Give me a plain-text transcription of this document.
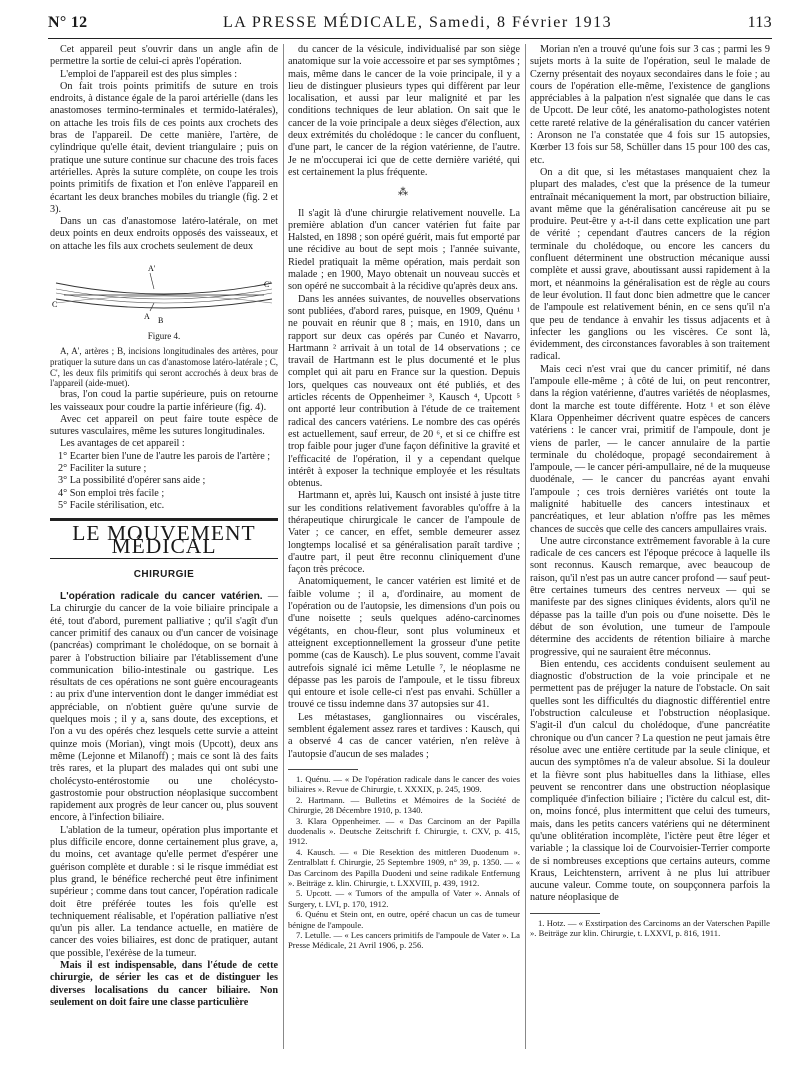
N° 12	LA PRESSE MÉDICALE, Samedi, 8 Février 1913	113

Cet appareil peut s'ouvrir dans un angle afin de permettre la sortie de celui-ci après l'opération.

L'emploi de l'appareil est des plus simples :

On fait trois points primitifs de suture en trois endroits, à distance égale de la paroi artérielle (dans les anastomoses termino-terminales et termido-latérales), on attache les trois fils de ces points aux crochets des bras de l'appareil. De cette manière, l'artère, de cylindrique qu'elle était, devient triangulaire ; puis on pratique une suture continue sur chacune des trois faces artérielles. Après la suture complète, on coupe les trois points primitifs de fixation et l'on enlève l'appareil en écartant les deux branches mobiles du triangle (fig. 2 et 3).

Dans un cas d'anastomose latéro-latérale, on met deux points en deux endroits opposés des vaisseaux, et on attache les fils aux crochets seulement de deux

A'
A B
C
C'
Figure 4.

A, A', artères ; B, incisions longitudinales des artères, pour pratiquer la suture dans un cas d'anastomose latéro-latérale ; C, C', les deux fils primitifs qui seront accrochés à deux bras de l'appareil (aide-muet).

bras, l'on coud la partie supérieure, puis on retourne les vaisseaux pour coudre la partie inférieure (fig. 4).

Avec cet appareil on peut faire toute espèce de sutures vasculaires, même les sutures longitudinales.

Les avantages de cet appareil :

1° Ecarter bien l'une de l'autre les parois de l'artère ;

2° Faciliter la suture ;

3° La possibilité d'opérer sans aide ;

4° Son emploi très facile ;

5° Facile stérilisation, etc.

LE MOUVEMENT MÉDICAL
CHIRURGIE

L'opération radicale du cancer vatérien. — La chirurgie du cancer de la voie biliaire principale a été, tout d'abord, purement palliative ; qu'il s'agît d'un cancer primitif des canaux ou d'un cancer de voisinage (pancréas) comprimant le cholédoque, on se bornait à parer à l'obstruction biliaire par l'établissement d'une communication bilio-intestinale ou gastrique. Les résultats de ces opérations ne sont guère encourageants : au prix d'une intervention dont le danger immédiat est appréciable, on n'obtient guère qu'une survie de quelques mois ; il y a, sans doute, des exceptions, et l'on a vu des opérés chez lesquels cette survie a atteint quinze mois (Morian), vingt mois (Upcott), deux ans même (Lejonne et Milanoff) ; mais ce sont là des faits très rares, et la plupart des malades qui ont subi une cholécysto-entérostomie ou une cholécysto-gastrostomie pour obstruction néoplasique succombent rapidement aux progrès de leur cancer ou, plus souvent encore, à l'infection biliaire.

L'ablation de la tumeur, opération plus importante et plus difficile encore, donne certainement plus grave, a, du moins, cet avantage qu'elle permet d'espérer une guérison complète et durable : si le risque immédiat est plus grand, le bénéfice recherché peut être infiniment supérieur ; comme dans tout cancer, l'opération radicale doit être préférée toutes les fois qu'elle est techniquement réalisable, et l'opération palliative n'est qu'un pis aller. La tendance actuelle, en matière de cancer des voies biliaires, est donc de pratiquer, autant que possible, l'exérèse de la tumeur.

Mais il est indispensable, dans l'étude de cette chirurgie, de sérier les cas et de distinguer les diverses localisations du cancer biliaire. Non seulement on doit faire une classe particulière

du cancer de la vésicule, individualisé par son siège anatomique sur la voie accessoire et par ses symptômes ; mais, même dans le cancer de la voie principale, il y a lieu de distinguer plusieurs types qui diffèrent par leur localisation, et aussi par leur malignité et par les conditions techniques de leur ablation. On sait que le cancer de la voie principale a deux sièges d'élection, aux deux extrémités du cholédoque : le cancer du confluent, d'une part, le cancer de la région vatérienne, de l'autre. Je ne m'occuperai ici que de cette dernière variété, qui est certainement la plus fréquente.

⁂

Il s'agit là d'une chirurgie relativement nouvelle. La première ablation d'un cancer vatérien fut faite par Halsted, en 1898 ; son opéré guérit, mais fut emporté par une récidive au bout de sept mois ; l'année suivante, Riedel pratiquait la même opération, mais perdait son malade ; en 1900, Mayo obtenait un nouveau succès et son opéré ne succombait à la récidive qu'après deux ans.

Dans les années suivantes, de nouvelles observations sont publiées, d'abord rares, puisque, en 1909, Quénu ¹ ne pouvait en réunir que 8 ; mais, en 1910, dans un rapport sur deux cas opérés par Cunéo et Navarro, Hartmann ² arrivait à un total de 14 observations ; ce travail de Hartmann est le plus documenté et le plus complet qui ait paru en France sur la question. Depuis lors, quelques cas nouveaux ont été publiés, et des articles récents de Oppenheimer ³, Kausch ⁴, Upcott ⁵ ont apporté leur contribution à l'étude de ce traitement radical des cancers vatériens. Le nombre des cas opérés est actuellement, sauf erreur, de 20 ⁶, et si ce chiffre est trop faible pour juger d'une façon définitive la gravité et l'efficacité de l'opération, il y a cependant quelque intérêt à exposer la technique employée et les résultats obtenus.

Hartmann et, après lui, Kausch ont insisté à juste titre sur les conditions relativement favorables qu'offre à la thérapeutique chirurgicale le cancer de l'ampoule de Vater ; ce cancer, en effet, semble demeurer assez longtemps localisé et sa généralisation paraît tardive ; d'autre part, il peut être reconnu cliniquement d'une façon très précoce.

Anatomiquement, le cancer vatérien est limité et de faible volume ; il a, d'ordinaire, au moment de l'opération ou de l'autopsie, les dimensions d'un pois ou d'une noisette ; seuls quelques adéno-carcinomes végétants, en chou-fleur, sont plus volumineux et atteignent exceptionnellement la grosseur d'une petite pomme (cas de Kausch). Le plus souvent, comme l'avait autrefois signalé ici même Letulle ⁷, le néoplasme ne dépasse pas les parois de l'ampoule, et le tissu fibreux qui entoure et isole celle-ci n'est pas envahi. Schüller a trouvé ce tissu indemne dans 37 autopsies sur 41.

Les métastases, ganglionnaires ou viscérales, semblent également assez rares et tardives : Kausch, qui a observé 4 cas de cancer vatérien, n'en relève à l'autopsie d'aucun de ses malades ;

1. Quénu. — « De l'opération radicale dans le cancer des voies biliaires ». Revue de Chirurgie, t. XXXIX, p. 245, 1909.

2. Hartmann. — Bulletins et Mémoires de la Société de Chirurgie, 28 Décembre 1910, p. 1340.

3. Klara Oppenheimer. — « Das Carcinom an der Papilla duodenalis ». Deutsche Zeitschrift f. Chirurgie, t. CXV, p. 415, 1912.

4. Kausch. — « Die Resektion des mittleren Duodenum ». Zentralblatt f. Chirurgie, 25 Septembre 1909, n° 39, p. 1350. — « Das Carcinom des Papilla Duodeni und seine radikale Entfernung ». Beiträge z. klin. Chirurgie, t. LXXVIII, p. 439, 1912.

5. Upcott. — « Tumors of the ampulla of Vater ». Annals of Surgery, t. LVI, p. 170, 1912.

6. Quénu et Stein ont, en outre, opéré chacun un cas de tumeur bénigne de l'ampoule.

7. Letulle. — « Les cancers primitifs de l'ampoule de Vater ». La Presse Médicale, 21 Avril 1906, p. 256.

Morian n'en a trouvé qu'une fois sur 3 cas ; parmi les 9 sujets morts à la suite de l'opération, seul le malade de Czerny présentait des noyaux secondaires dans le foie ; au cours de l'opération elle-même, l'existence de ganglions appréciables à la palpation n'est signalée que dans le cas de Upcott. De leur côté, les anatomo-pathologistes notent cette rareté relative de la généralisation du cancer vatérien : Aronson ne l'a constatée que 4 fois sur 15 autopsies, Kœrber 13 fois sur 58, Schüller dans 15 pour 100 des cas, etc.

On a dit que, si les métastases manquaient chez la plupart des malades, c'est que la présence de la tumeur entraînait mécaniquement la mort, par obstruction biliaire, avant même que la généralisation cancéreuse ait pu se produire. Peut-être y a-t-il dans cette explication une part de vérité ; cependant d'autres cancers de la région terminale du cholédoque, ou encore les cancers du confluent déterminent une obstruction mécanique aussi complète et aussi grave, aboutissant aussi rapidement à la mort, et néanmoins la généralisation est de règle au cours de leur évolution. Il faut donc bien admettre que le cancer de l'ampoule est relativement bénin, en ce sens qu'il n'a que peu de tendance à envahir les tissus adjacents et à infecter les ganglions ou les viscères. Ce sont là, évidemment, des circonstances favorables à son traitement radical.

Mais ceci n'est vrai que du cancer primitif, né dans l'ampoule elle-même ; à côté de lui, on peut rencontrer, dans la région vatérienne, d'autres variétés de néoplasmes, dont la marche est toute différente. Hotz ¹ et son élève Klara Oppenheimer décrivent quatre espèces de cancers vatériens : le cancer vrai, primitif de l'ampoule, dont je viens de parler, — le cancer annulaire de la partie terminale du cholédoque, propagé secondairement à l'ampoule, — le cancer péri-ampullaire, né de la muqueuse duodénale, — le cancer du pancréas ayant envahi l'ampoule ; ces trois dernières variétés ont toute la malignité habituelle des cancers intestinaux et pancréatiques, et leur ablation n'offre pas les mêmes chances de succès que celle des cancers ampullaires vrais.

Une autre circonstance extrêmement favorable à la cure radicale de ces cancers est l'époque précoce à laquelle ils sont reconnus. Kausch remarque, avec beaucoup de raison, qu'il n'est pas un autre cancer profond — sauf peut-être certaines tumeurs des centres nerveux — qui se manifeste par des signes cliniques évidents, alors qu'il ne dépasse pas la taille d'un pois ou d'une noisette. Dès le début de son évolution, une tumeur de l'ampoule détermine des accidents de rétention biliaire à marche progressive, qui ne sauraient être méconnus.

Bien entendu, ces accidents conduisent seulement au diagnostic d'obstruction de la voie principale et ne permettent pas de préjuger la nature de l'obstacle. On sait quelles sont les difficultés du diagnostic différentiel entre l'obstruction calculeuse et l'obstruction néoplasique. S'agit-il d'un calcul du cholédoque, d'une pancréatite chronique ou d'un cancer ? La question ne peut jamais être résolue avec une entière certitude par la seule clinique, et aucun des symptômes n'a de valeur absolue. Si la douleur et la fièvre sont plus habituelles dans la lithiase, elles peuvent se rencontrer dans une obstruction néoplasique compliquée d'infection biliaire ; l'ictère du calcul est, dit-on, moins foncé, plus intermittent que celui des tumeurs, mais, dans les petits cancers vatériens qui ne déterminent qu'une oblitération incomplète, l'ictère peut être léger et variable ; la classique loi de Courvoisier-Terrier comporte de si nombreuses exceptions que certains auteurs, comme Kraus, Leichtenstern, arrivent à ne plus lui attribuer aucune valeur. Comme toute, on soupçonnera parfois la nature néoplasique de

1. Hotz. — « Exstirpation des Carcinoms an der Vaterschen Papille ». Beiträge zur klin. Chirurgie, t. LXXVI, p. 816, 1911.
